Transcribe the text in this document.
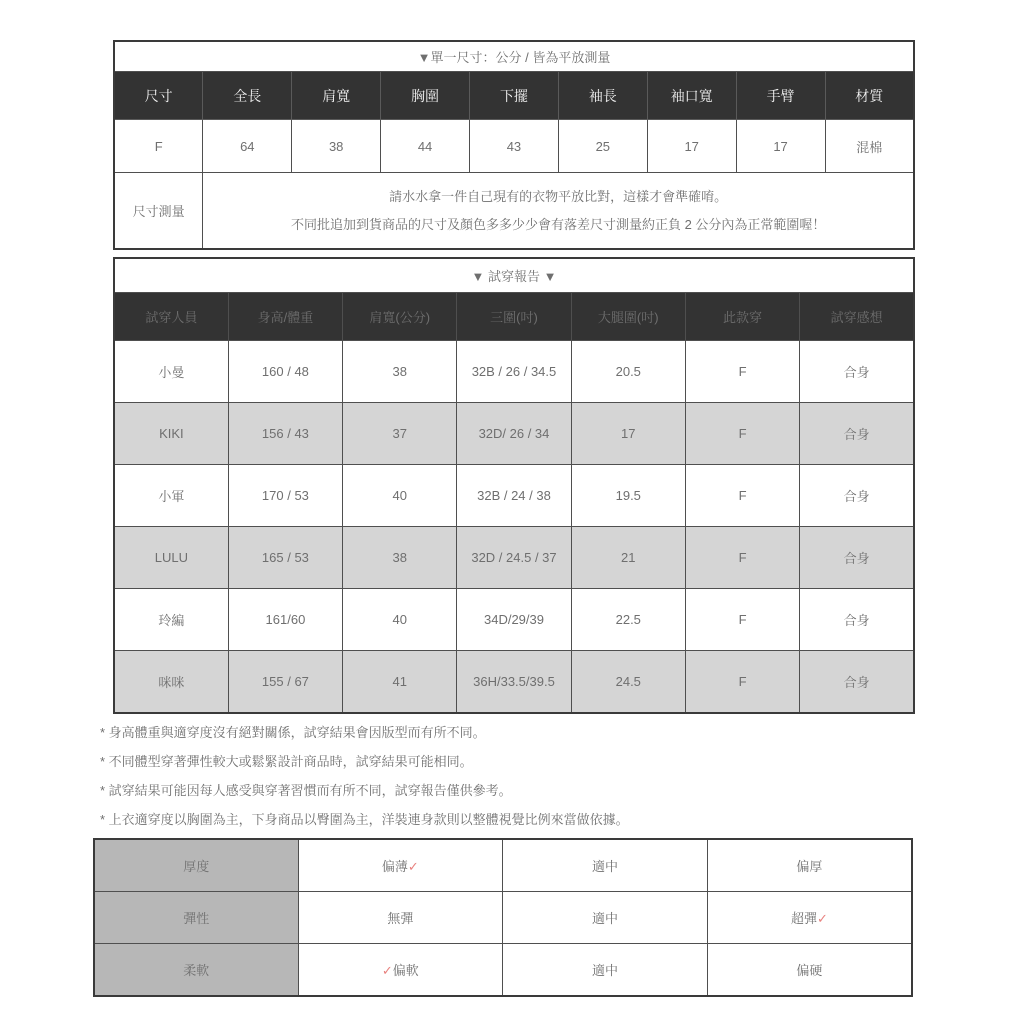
▼單一尺寸：公分 / 皆為平放測量								
尺寸	全長	肩寬	胸圍	下擺	袖長	袖口寬	手臂	材質
F	64	38	44	43	25	17	17	混棉
尺寸測量	請水水拿一件自己現有的衣物平放比對，這樣才會準確唷。
不同批追加到貨商品的尺寸及顏色多多少少會有落差尺寸測量約正負 2 公分內為正常範圍喔！							
▼ 試穿報告 ▼						
試穿人員	身高/體重	肩寬(公分)	三圍(吋)	大腿圍(吋)	此款穿	試穿感想
小曼	160 / 48	38	32B / 26 / 34.5	20.5	F	合身
KIKI	156 / 43	37	32D/ 26 / 34	17	F	合身
小軍	170 / 53	40	32B / 24 / 38	19.5	F	合身
LULU	165 / 53	38	32D / 24.5 / 37	21	F	合身
玲編	161/60	40	34D/29/39	22.5	F	合身
咪咪	155 / 67	41	36H/33.5/39.5	24.5	F	合身
* 身高體重與適穿度沒有絕對關係，試穿結果會因版型而有所不同。
* 不同體型穿著彈性較大或鬆緊設計商品時，試穿結果可能相同。
* 試穿結果可能因每人感受與穿著習慣而有所不同，試穿報告僅供參考。
* 上衣適穿度以胸圍為主，下身商品以臀圍為主，洋裝連身款則以整體視覺比例來當做依據。
厚度	偏薄✓	適中	偏厚
彈性	無彈	適中	超彈✓
柔軟	✓偏軟	適中	偏硬
